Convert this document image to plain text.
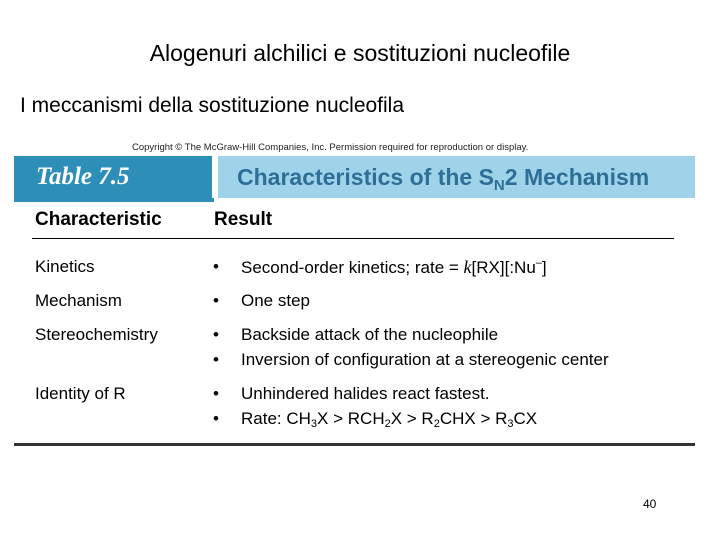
Alogenuri alchilici e sostituzioni nucleofile
I meccanismi della sostituzione nucleofila
Copyright © The McGraw-Hill Companies, Inc. Permission required for reproduction or display.
Table 7.5	Characteristics of the $S_N2$ Mechanism
Characteristic	Result
Kinetics	• Second-order kinetics; rate = k[RX][:Nu–]
Mechanism	• One step
Stereochemistry	• Backside attack of the nucleophile
• Inversion of configuration at a stereogenic center
Identity of R	• Unhindered halides react fastest.
• Rate: $CH_3X > RCH_2X > R_2CHX > R_3CX$
40
